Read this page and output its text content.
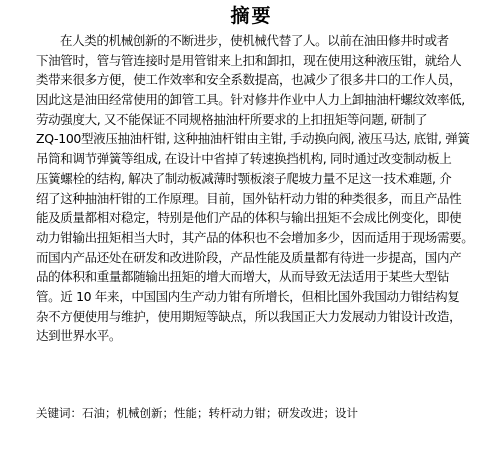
摘要
在人类的机械创新的不断进步，使机械代替了人。以前在油田修井时或者
下油管时，管与管连接时是用管钳来上扣和卸扣，现在使用这种液压钳，就给人
类带来很多方便，使工作效率和安全系数提高，也减少了很多井口的工作人员，
因此这是油田经常使用的卸管工具。针对修井作业中人力上卸抽油杆螺纹效率低,
劳动强度大, 又不能保证不同规格抽油杆所要求的上扣扭矩等问题, 研制了
ZQ-100型液压抽油杆钳, 这种抽油杆钳由主钳, 手动换向阀, 液压马达, 底钳, 弹簧
吊筒和调节弹簧等组成, 在设计中省掉了转速换挡机构, 同时通过改变制动板上
压簧螺栓的结构, 解决了制动板减薄时颚板滚子爬坡力量不足这一技术难题, 介
绍了这种抽油杆钳的工作原理。目前，国外钻杆动力钳的种类很多，而且产品性
能及质量都相对稳定，特别是他们产品的体积与输出扭矩不会成比例变化，即使
动力钳输出扭矩相当大时，其产品的体积也不会增加多少，因而适用于现场需要。
而国内产品还处在研发和改进阶段，产品性能及质量都有待进一步提高，国内产
品的体积和重量都随输出扭矩的增大而增大，从而导致无法适用于某些大型钻
管。近 10 年来，中国国内生产动力钳有所增长，但相比国外我国动力钳结构复
杂不方便使用与维护，使用期短等缺点，所以我国正大力发展动力钳设计改造，
达到世界水平。
关键词：石油；机械创新；性能；转杆动力钳；研发改进；设计
